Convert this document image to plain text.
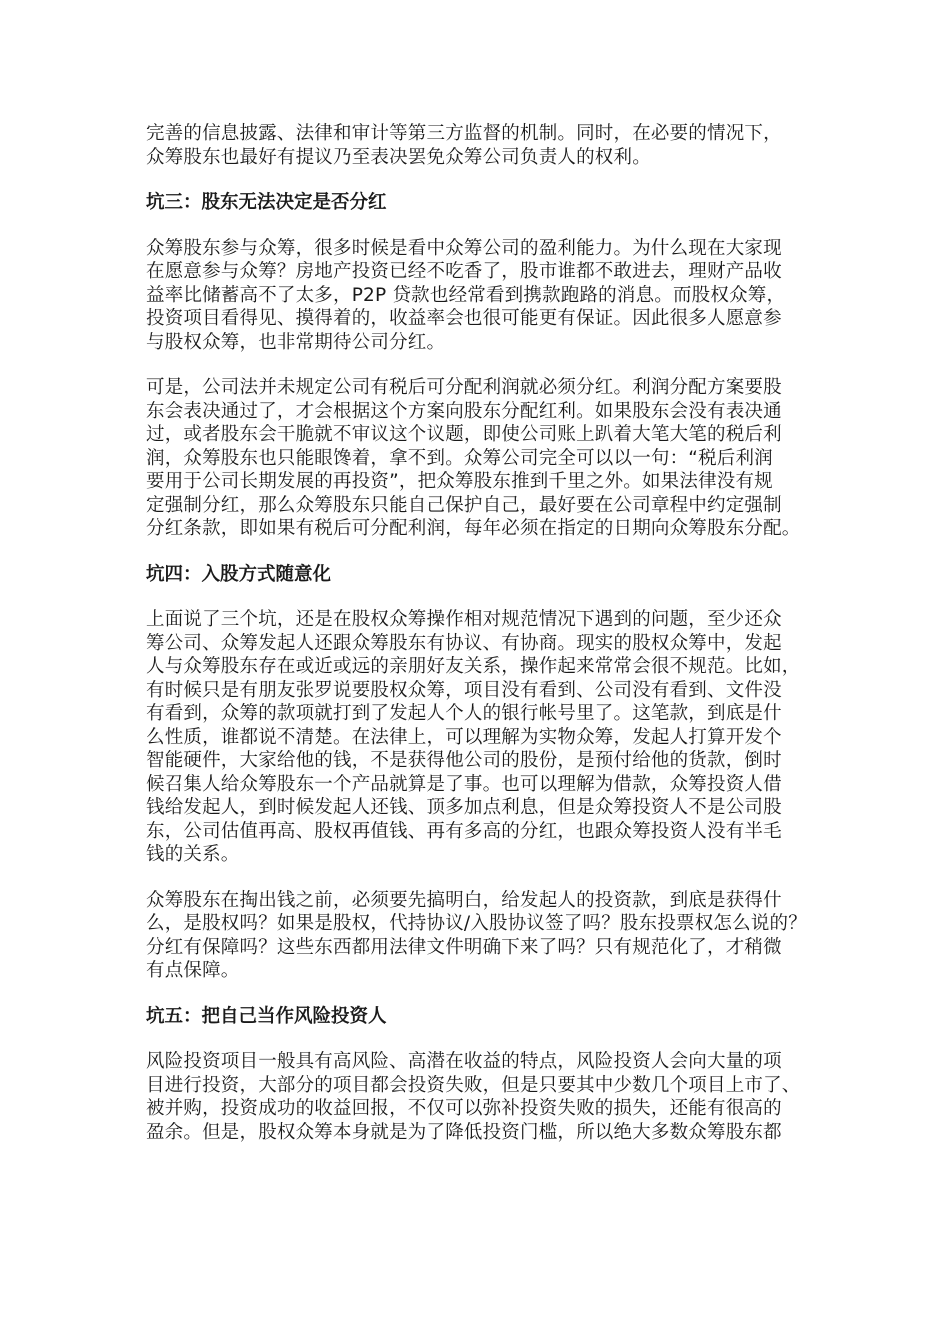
完善的信息披露、法律和审计等第三方监督的机制。同时，在必要的情况下，
众筹股东也最好有提议乃至表决罢免众筹公司负责人的权利。
坑三：股东无法决定是否分红
众筹股东参与众筹，很多时候是看中众筹公司的盈利能力。为什么现在大家现
在愿意参与众筹？房地产投资已经不吃香了，股市谁都不敢进去，理财产品收
益率比储蓄高不了太多，P2P 贷款也经常看到携款跑路的消息。而股权众筹，
投资项目看得见、摸得着的，收益率会也很可能更有保证。因此很多人愿意参
与股权众筹，也非常期待公司分红。
可是，公司法并未规定公司有税后可分配利润就必须分红。利润分配方案要股
东会表决通过了，才会根据这个方案向股东分配红利。如果股东会没有表决通
过，或者股东会干脆就不审议这个议题，即使公司账上趴着大笔大笔的税后利
润，众筹股东也只能眼馋着，拿不到。众筹公司完全可以以一句：“税后利润
要用于公司长期发展的再投资”，把众筹股东推到千里之外。如果法律没有规
定强制分红，那么众筹股东只能自己保护自己，最好要在公司章程中约定强制
分红条款，即如果有税后可分配利润，每年必须在指定的日期向众筹股东分配。
坑四：入股方式随意化
上面说了三个坑，还是在股权众筹操作相对规范情况下遇到的问题，至少还众
筹公司、众筹发起人还跟众筹股东有协议、有协商。现实的股权众筹中，发起
人与众筹股东存在或近或远的亲朋好友关系，操作起来常常会很不规范。比如，
有时候只是有朋友张罗说要股权众筹，项目没有看到、公司没有看到、文件没
有看到，众筹的款项就打到了发起人个人的银行帐号里了。这笔款，到底是什
么性质，谁都说不清楚。在法律上，可以理解为实物众筹，发起人打算开发个
智能硬件，大家给他的钱，不是获得他公司的股份，是预付给他的货款，倒时
候召集人给众筹股东一个产品就算是了事。也可以理解为借款，众筹投资人借
钱给发起人，到时候发起人还钱、顶多加点利息，但是众筹投资人不是公司股
东，公司估值再高、股权再值钱、再有多高的分红，也跟众筹投资人没有半毛
钱的关系。
众筹股东在掏出钱之前，必须要先搞明白，给发起人的投资款，到底是获得什
么，是股权吗？如果是股权，代持协议/入股协议签了吗？股东投票权怎么说的？
分红有保障吗？这些东西都用法律文件明确下来了吗？只有规范化了，才稍微
有点保障。
坑五：把自己当作风险投资人
风险投资项目一般具有高风险、高潜在收益的特点，风险投资人会向大量的项
目进行投资，大部分的项目都会投资失败，但是只要其中少数几个项目上市了、
被并购，投资成功的收益回报，不仅可以弥补投资失败的损失，还能有很高的
盈余。但是，股权众筹本身就是为了降低投资门槛，所以绝大多数众筹股东都
